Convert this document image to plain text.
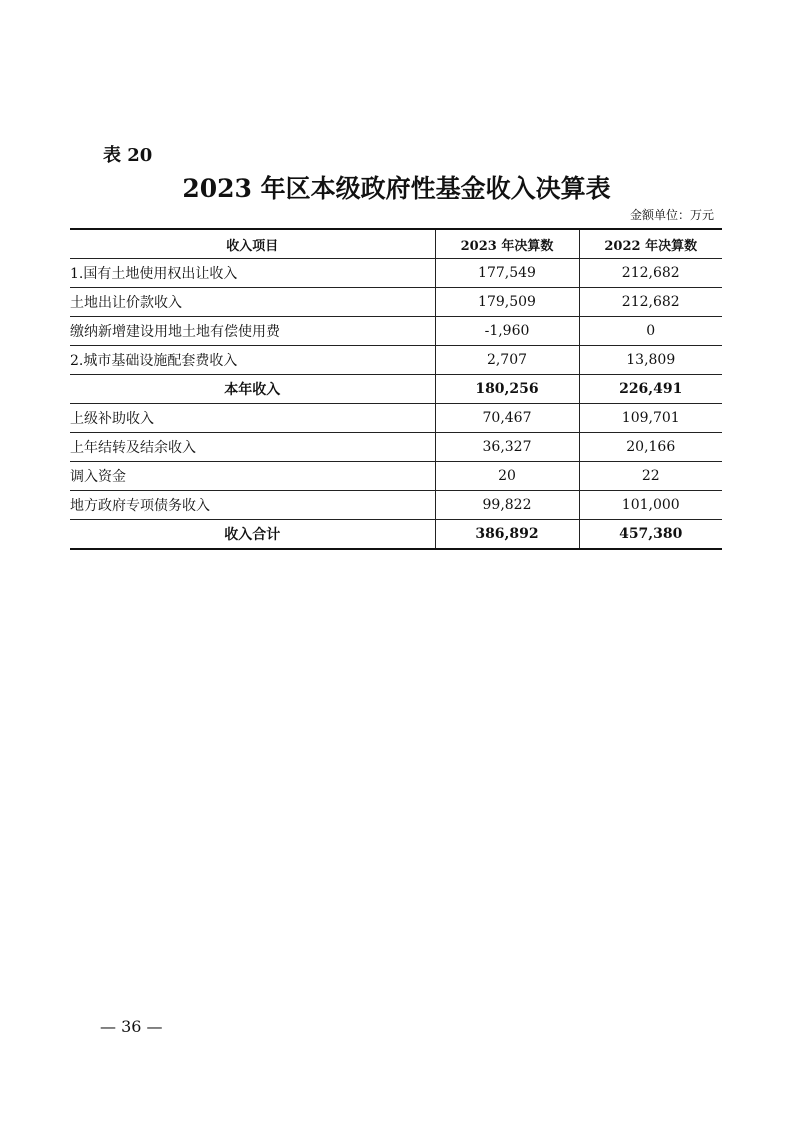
表 20
2023 年区本级政府性基金收入决算表
金额单位：万元
收入项目	2023 年决算数	2022 年决算数
1.国有土地使用权出让收入	177,549	212,682
土地出让价款收入	179,509	212,682
缴纳新增建设用地土地有偿使用费	-1,960	0
2.城市基础设施配套费收入	2,707	13,809
本年收入	180,256	226,491
上级补助收入	70,467	109,701
上年结转及结余收入	36,327	20,166
调入资金	20	22
地方政府专项债务收入	99,822	101,000
收入合计	386,892	457,380
— 36 —
